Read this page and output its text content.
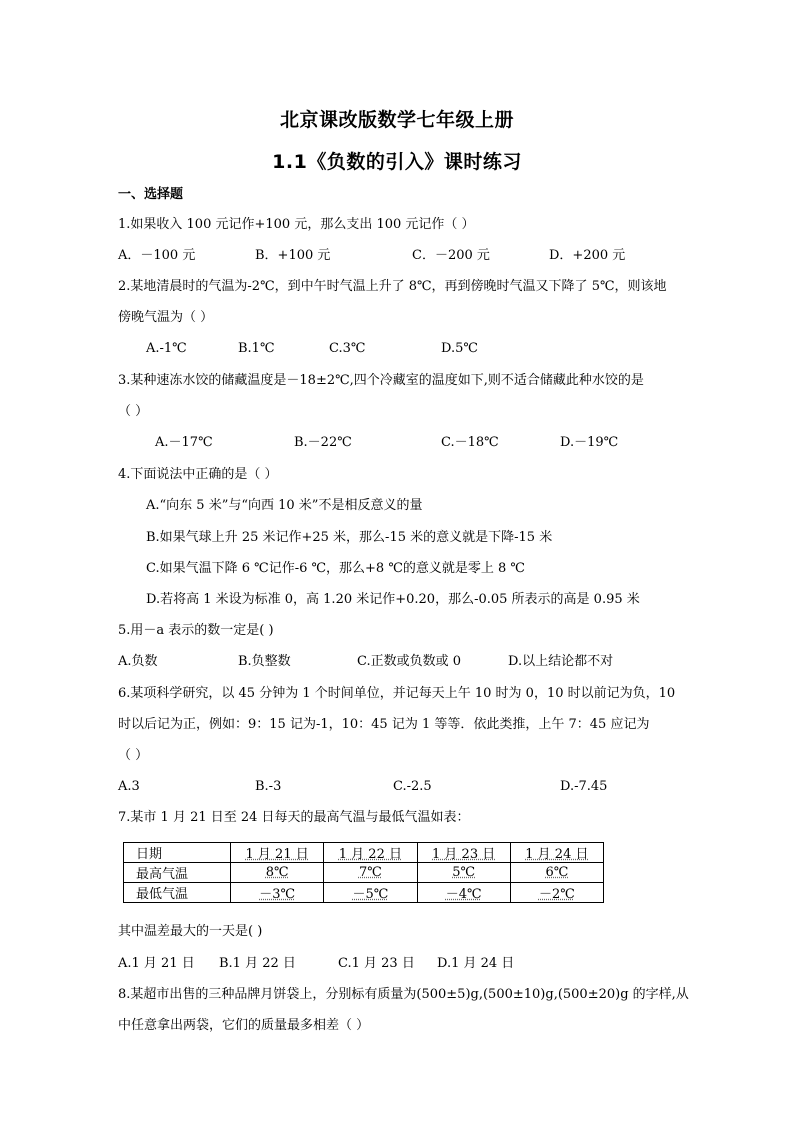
北京课改版数学七年级上册
1.1《负数的引入》课时练习
一、选择题
1.如果收入 100 元记作+100 元，那么支出 100 元记作（ ）
A．－100 元	B．+100 元	C．－200 元	D．+200 元
2.某地清晨时的气温为-2℃，到中午时气温上升了 8℃，再到傍晚时气温又下降了 5℃，则该地
傍晚气温为（ ）
A.-1℃	B.1℃	C.3℃	D.5℃
3.某种速冻水饺的储藏温度是－18±2℃,四个冷藏室的温度如下,则不适合储藏此种水饺的是
（ ）
A.－17℃	B.－22℃	C.－18℃	D.－19℃
4.下面说法中正确的是（ ）
A.“向东 5 米”与“向西 10 米”不是相反意义的量
B.如果气球上升 25 米记作+25 米，那么-15 米的意义就是下降-15 米
C.如果气温下降 6 ℃记作-6 ℃，那么+8 ℃的意义就是零上 8 ℃
D.若将高 1 米设为标准 0，高 1.20 米记作+0.20，那么-0.05 所表示的高是 0.95 米
5.用－a 表示的数一定是( )
A.负数	B.负整数	C.正数或负数或 0	D.以上结论都不对
6.某项科学研究，以 45 分钟为 1 个时间单位，并记每天上午 10 时为 0，10 时以前记为负，10
时以后记为正，例如：9：15 记为-1，10：45 记为 1 等等．依此类推，上午 7：45 应记为
（ ）
A.3	B.-3	C.-2.5	D.-7.45
7.某市 1 月 21 日至 24 日每天的最高气温与最低气温如表：
日期	1 月 21 日	1 月 22 日	1 月 23 日	1 月 24 日
最高气温	8℃	7℃	5℃	6℃
最低气温	－3℃	－5℃	－4℃	－2℃
其中温差最大的一天是( )
A.1 月 21 日 B.1 月 22 日	C.1 月 23 日 D.1 月 24 日
8.某超市出售的三种品牌月饼袋上，分别标有质量为(500±5)g,(500±10)g,(500±20)g 的字样,从
中任意拿出两袋，它们的质量最多相差（ ）
